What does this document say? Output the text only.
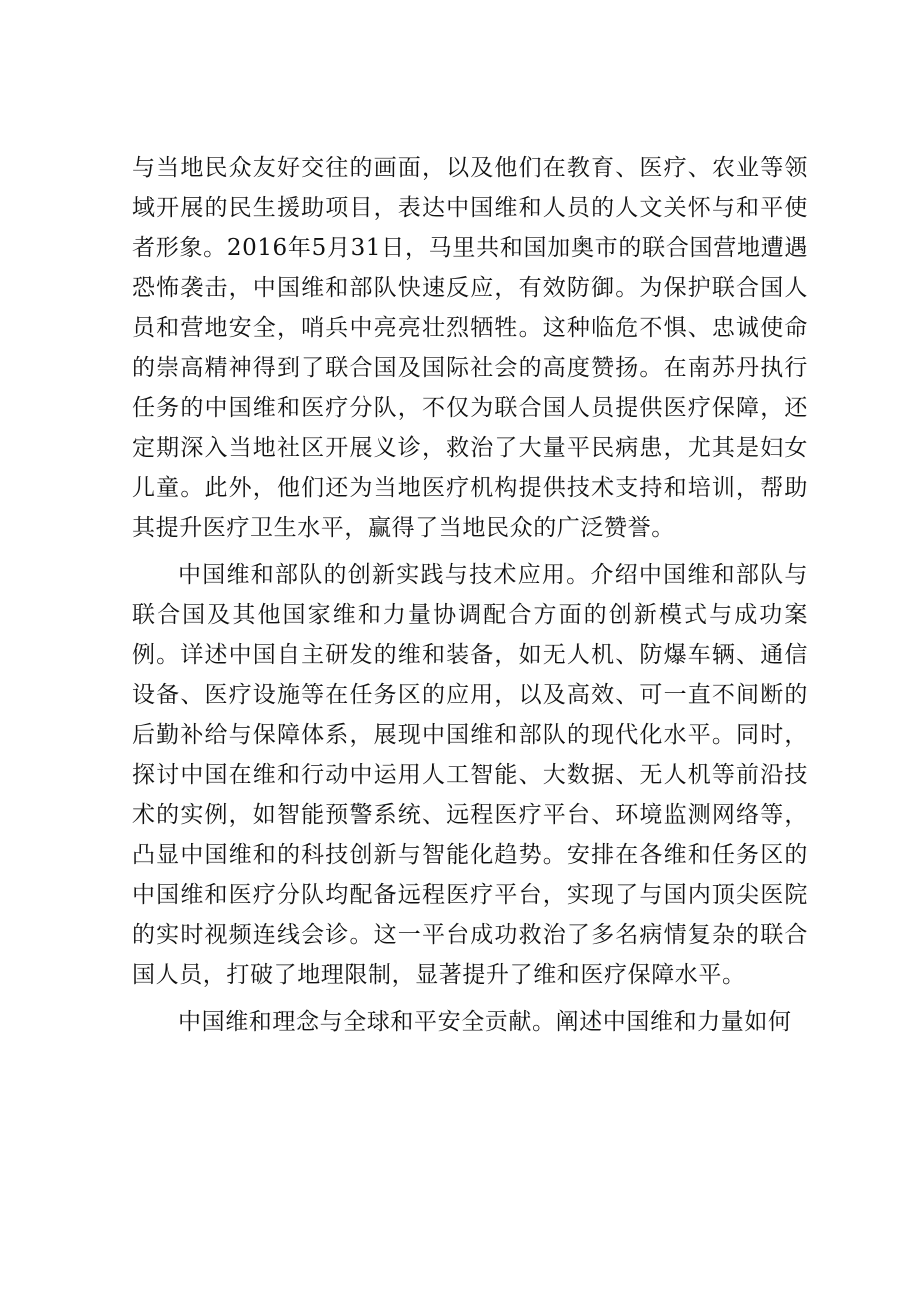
与当地民众友好交往的画面，以及他们在教育、医疗、农业等领域开展的民生援助项目，表达中国维和人员的人文关怀与和平使者形象。2016年5月31日，马里共和国加奥市的联合国营地遭遇恐怖袭击，中国维和部队快速反应，有效防御。为保护联合国人员和营地安全，哨兵中亮亮壮烈牺牲。这种临危不惧、忠诚使命的崇高精神得到了联合国及国际社会的高度赞扬。在南苏丹执行任务的中国维和医疗分队，不仅为联合国人员提供医疗保障，还定期深入当地社区开展义诊，救治了大量平民病患，尤其是妇女儿童。此外，他们还为当地医疗机构提供技术支持和培训，帮助其提升医疗卫生水平，赢得了当地民众的广泛赞誉。

中国维和部队的创新实践与技术应用。介绍中国维和部队与联合国及其他国家维和力量协调配合方面的创新模式与成功案例。详述中国自主研发的维和装备，如无人机、防爆车辆、通信设备、医疗设施等在任务区的应用，以及高效、可一直不间断的后勤补给与保障体系，展现中国维和部队的现代化水平。同时，探讨中国在维和行动中运用人工智能、大数据、无人机等前沿技术的实例，如智能预警系统、远程医疗平台、环境监测网络等，凸显中国维和的科技创新与智能化趋势。安排在各维和任务区的中国维和医疗分队均配备远程医疗平台，实现了与国内顶尖医院的实时视频连线会诊。这一平台成功救治了多名病情复杂的联合国人员，打破了地理限制，显著提升了维和医疗保障水平。

中国维和理念与全球和平安全贡献。阐述中国维和力量如何
